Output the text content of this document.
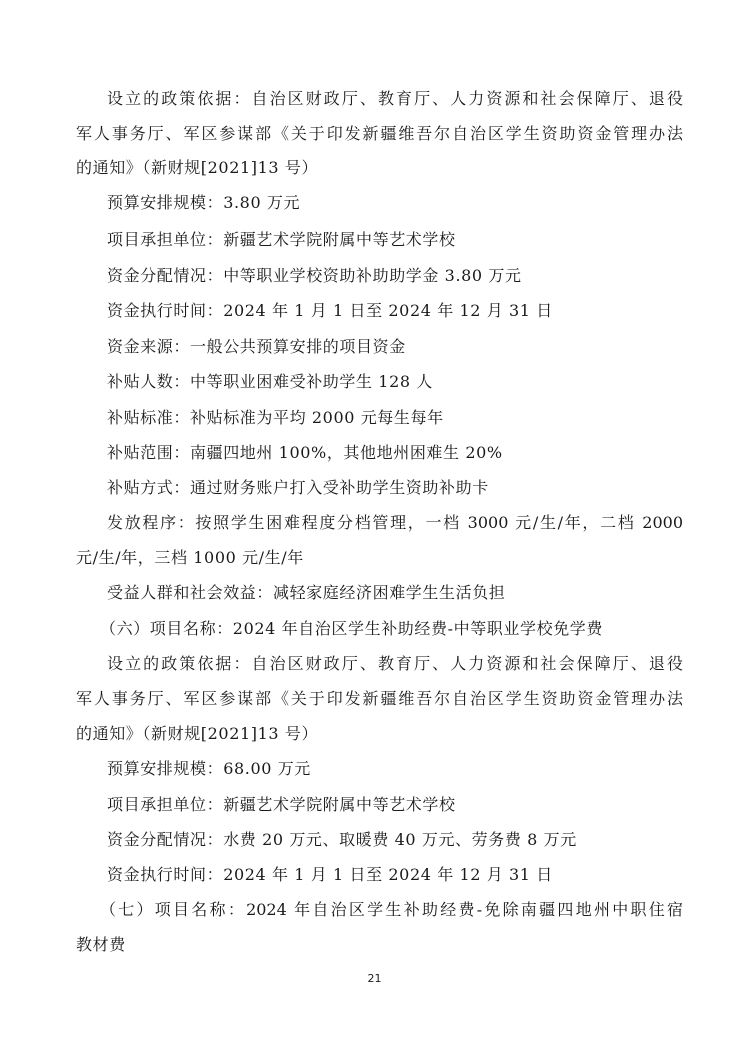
设立的政策依据：自治区财政厅、教育厅、人力资源和社会保障厅、退役
军人事务厅、军区参谋部《关于印发新疆维吾尔自治区学生资助资金管理办法
的通知》（新财规[2021]13 号）
预算安排规模：3.80 万元
项目承担单位：新疆艺术学院附属中等艺术学校
资金分配情况：中等职业学校资助补助助学金 3.80 万元
资金执行时间：2024 年 1 月 1 日至 2024 年 12 月 31 日
资金来源：一般公共预算安排的项目资金
补贴人数：中等职业困难受补助学生 128 人
补贴标准：补贴标准为平均 2000 元每生每年
补贴范围：南疆四地州 100%，其他地州困难生 20%
补贴方式：通过财务账户打入受补助学生资助补助卡
发放程序：按照学生困难程度分档管理，一档 3000 元/生/年，二档 2000
元/生/年，三档 1000 元/生/年
受益人群和社会效益：减轻家庭经济困难学生生活负担
（六）项目名称：2024 年自治区学生补助经费-中等职业学校免学费
设立的政策依据：自治区财政厅、教育厅、人力资源和社会保障厅、退役
军人事务厅、军区参谋部《关于印发新疆维吾尔自治区学生资助资金管理办法
的通知》（新财规[2021]13 号）
预算安排规模：68.00 万元
项目承担单位：新疆艺术学院附属中等艺术学校
资金分配情况：水费 20 万元、取暖费 40 万元、劳务费 8 万元
资金执行时间：2024 年 1 月 1 日至 2024 年 12 月 31 日
（七）项目名称：2024 年自治区学生补助经费-免除南疆四地州中职住宿
教材费
21
